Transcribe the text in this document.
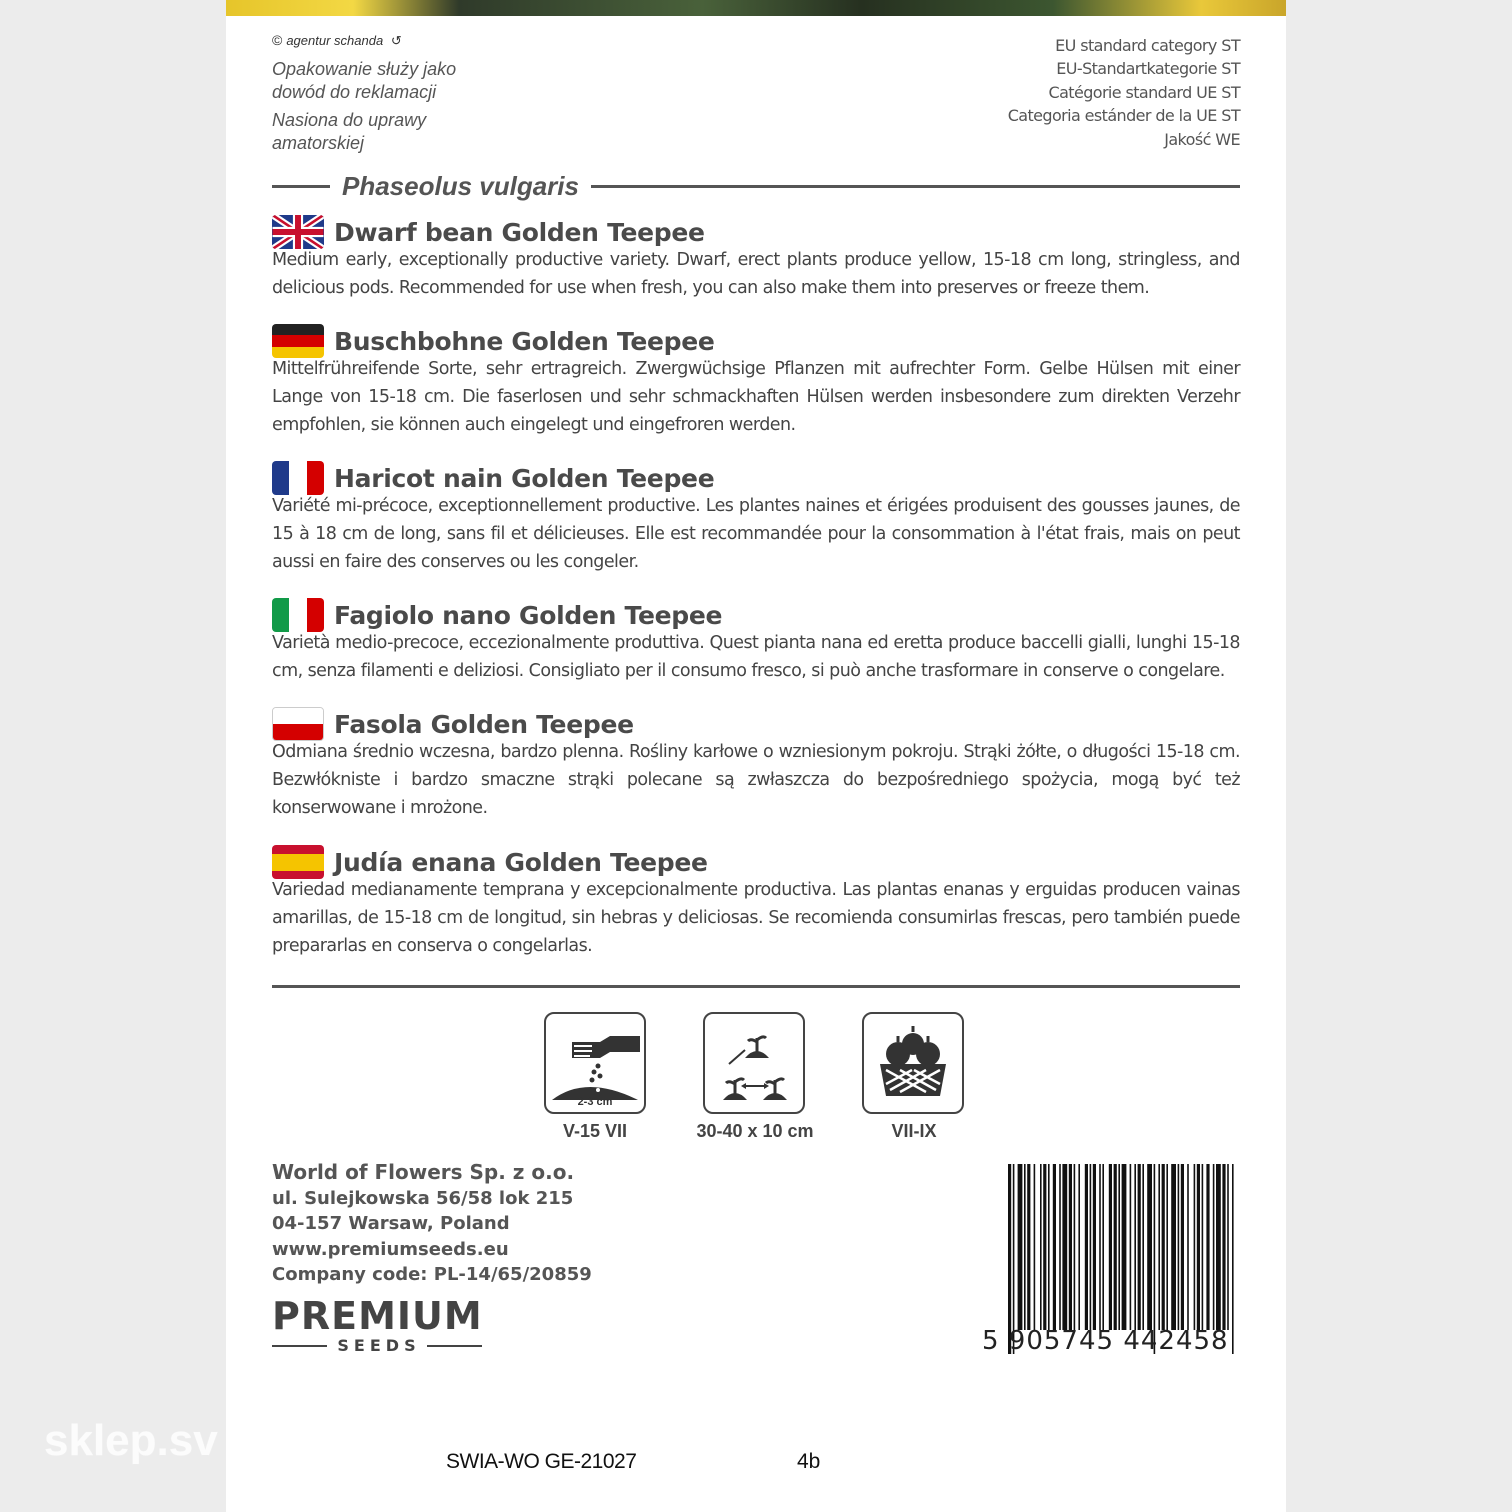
© agentur schanda ↺

Opakowanie służy jako dowód do reklamacji

Nasiona do uprawy amatorskiej

EU standard category ST
EU-Standartkategorie ST
Catégorie standard UE ST
Categoria estánder de la UE ST
Jakość WE
Phaseolus vulgaris
Dwarf bean Golden Teepee
Medium early, exceptionally productive variety. Dwarf, erect plants produce yellow, 15-18 cm long, stringless, and delicious pods. Recommended for use when fresh, you can also make them into preserves or freeze them.
Buschbohne Golden Teepee
Mittelfrühreifende Sorte, sehr ertragreich. Zwergwüchsige Pflanzen mit aufrechter Form. Gelbe Hülsen mit einer Lange von 15-18 cm. Die faserlosen und sehr schmackhaften Hülsen werden insbesondere zum direkten Verzehr empfohlen, sie können auch eingelegt und eingefroren werden.
Haricot nain Golden Teepee
Variété mi-précoce, exceptionnellement productive. Les plantes naines et érigées produisent des gousses jaunes, de 15 à 18 cm de long, sans fil et délicieuses. Elle est recommandée pour la consommation à l'état frais, mais on peut aussi en faire des conserves ou les congeler.
Fagiolo nano Golden Teepee
Varietà medio-precoce, eccezionalmente produttiva. Quest pianta nana ed eretta produce baccelli gialli, lunghi 15-18 cm, senza filamenti e deliziosi. Consigliato per il consumo fresco, si può anche trasformare in conserve o congelare.
Fasola Golden Teepee
Odmiana średnio wczesna, bardzo plenna. Rośliny karłowe o wzniesionym pokroju. Strąki żółte, o długości 15-18 cm. Bezwłókniste i bardzo smaczne strąki polecane są zwłaszcza do bezpośredniego spożycia, mogą być też konserwowane i mrożone.
Judía enana Golden Teepee
Variedad medianamente temprana y excepcionalmente productiva. Las plantas enanas y erguidas producen vainas amarillas, de 15-18 cm de longitud, sin hebras y deliciosas. Se recomienda consumirlas frescas, pero también puede prepararlas en conserva o congelarlas.
2-3 cm
V-15 VII	30-40 x 10 cm	VII-IX
World of Flowers Sp. z o.o.
ul. Sulejkowska 56/58 lok 215
04-157 Warsaw, Poland
www.premiumseeds.eu
Company code: PL-14/65/20859
PREMIUM
SEEDS	5 905745 442458
SWIA-WO GE-21027	4b
sklep.sv
